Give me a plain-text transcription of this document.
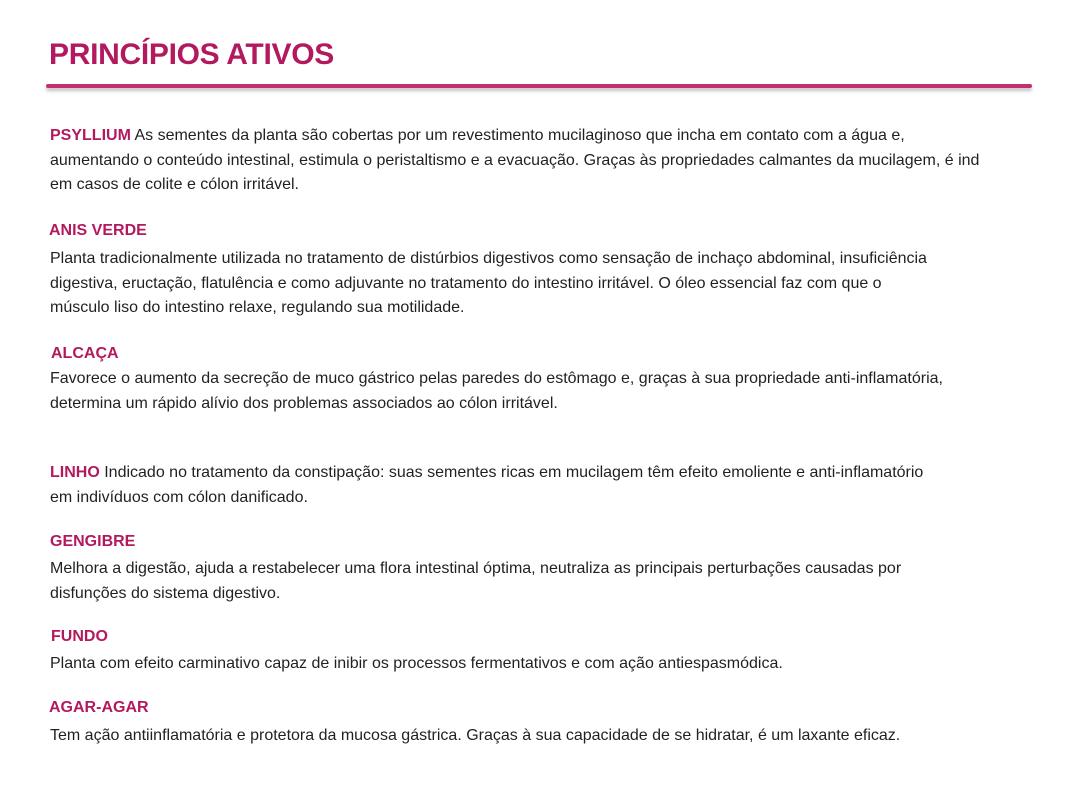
PRINCÍPIOS ATIVOS
PSYLLIUM As sementes da planta são cobertas por um revestimento mucilaginoso que incha em contato com a água e,
aumentando o conteúdo intestinal, estimula o peristaltismo e a evacuação. Graças às propriedades calmantes da mucilagem, é ind
em casos de colite e cólon irritável.
ANIS VERDE
Planta tradicionalmente utilizada no tratamento de distúrbios digestivos como sensação de inchaço abdominal, insuficiência
digestiva, eructação, flatulência e como adjuvante no tratamento do intestino irritável. O óleo essencial faz com que o
músculo liso do intestino relaxe, regulando sua motilidade.
ALCAÇA
Favorece o aumento da secreção de muco gástrico pelas paredes do estômago e, graças à sua propriedade anti-inflamatória,
determina um rápido alívio dos problemas associados ao cólon irritável.
LINHO Indicado no tratamento da constipação: suas sementes ricas em mucilagem têm efeito emoliente e anti-inflamatório
em indivíduos com cólon danificado.
GENGIBRE
Melhora a digestão, ajuda a restabelecer uma flora intestinal óptima, neutraliza as principais perturbações causadas por
disfunções do sistema digestivo.
FUNDO
Planta com efeito carminativo capaz de inibir os processos fermentativos e com ação antiespasmódica.
AGAR-AGAR
Tem ação antiinflamatória e protetora da mucosa gástrica. Graças à sua capacidade de se hidratar, é um laxante eficaz.
